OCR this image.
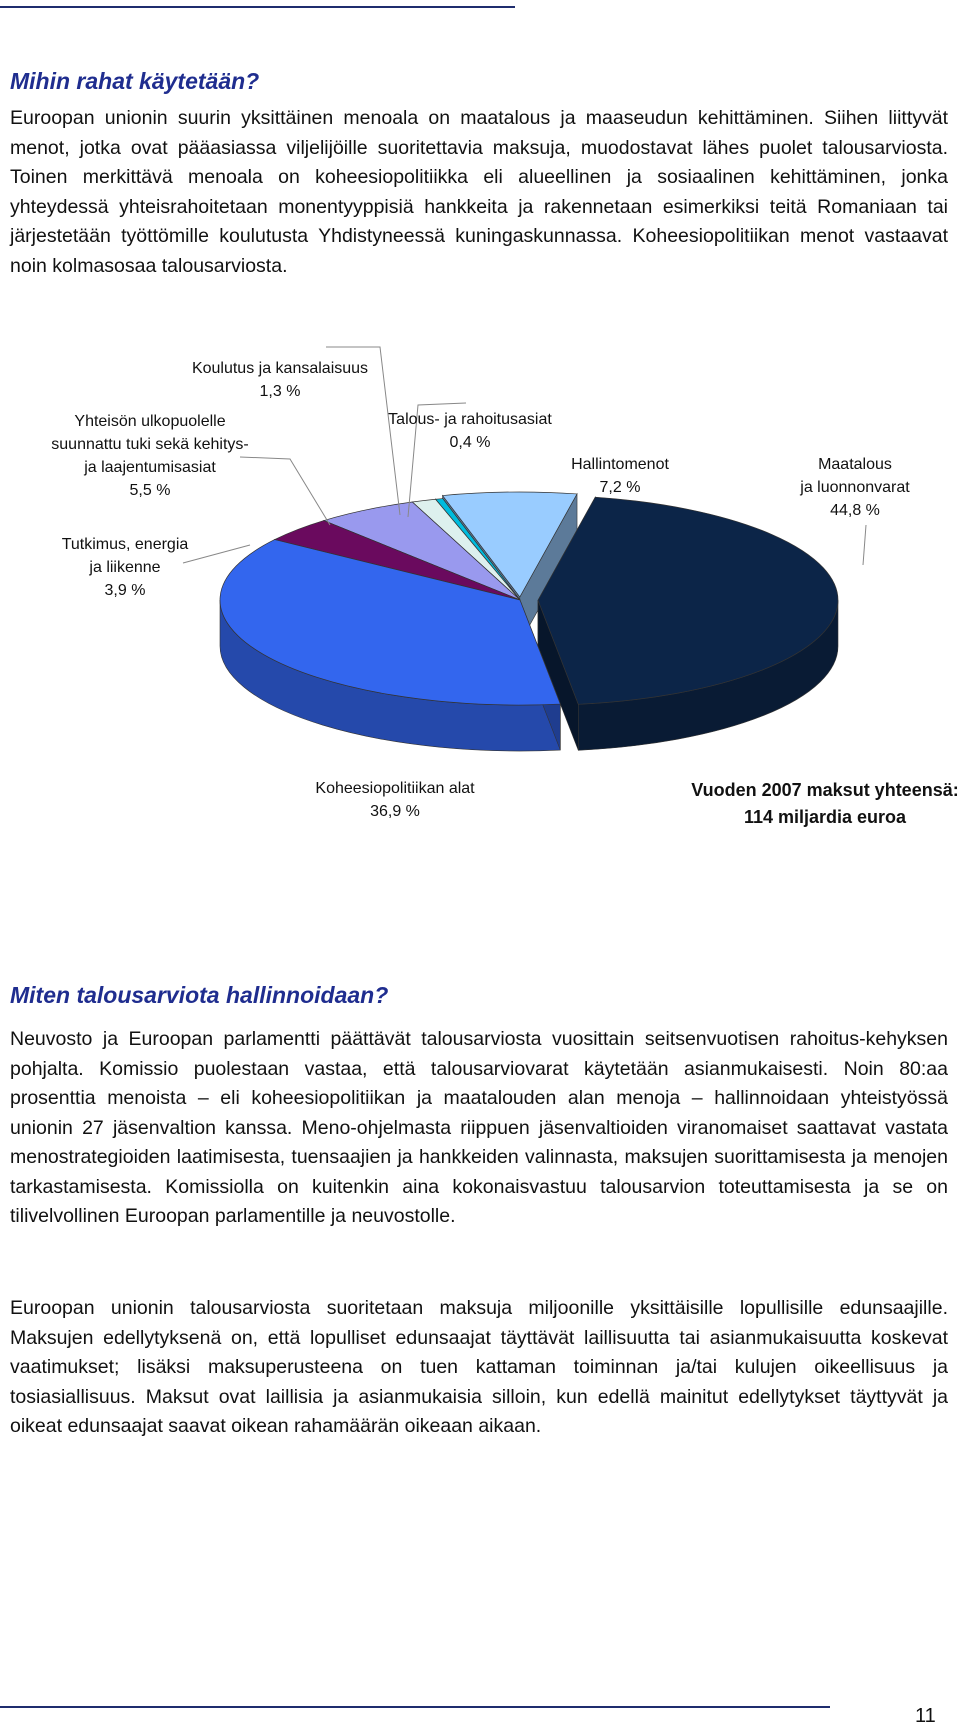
Mihin rahat käytetään?

Euroopan unionin suurin yksittäinen menoala on maatalous ja maaseudun kehittäminen. Siihen liittyvät menot, jotka ovat pääasiassa viljelijöille suoritettavia maksuja, muodostavat lähes puolet talousarviosta. Toinen merkittävä menoala on koheesiopolitiikka eli alueellinen ja sosiaalinen kehittäminen, jonka yhteydessä yhteisrahoitetaan monentyyppisiä hankkeita ja rakennetaan esimerkiksi teitä Romaniaan tai järjestetään työttömille koulutusta Yhdistyneessä kuningaskunnassa. Koheesiopolitiikan menot vastaavat noin kolmasosaa talousarviosta.

Koulutus ja kansalaisuus
1,3 %
Talous- ja rahoitusasiat
0,4 %
Yhteisön ulkopuolelle
suunnattu tuki sekä kehitys-
ja laajentumisasiat
5,5 %
Hallintomenot
7,2 %
Maatalous
ja luonnonvarat
44,8 %
Tutkimus, energia
ja liikenne
3,9 %
Koheesiopolitiikan alat
36,9 %
Vuoden 2007 maksut yhteensä:
114 miljardia euroa
Miten talousarviota hallinnoidaan?

Neuvosto ja Euroopan parlamentti päättävät talousarviosta vuosittain seitsenvuotisen rahoitus-kehyksen pohjalta. Komissio puolestaan vastaa, että talousarviovarat käytetään asianmukaisesti. Noin 80:aa prosenttia menoista – eli koheesiopolitiikan ja maatalouden alan menoja – hallinnoidaan yhteistyössä unionin 27 jäsenvaltion kanssa. Meno-ohjelmasta riippuen jäsenvaltioiden viranomaiset saattavat vastata menostrategioiden laatimisesta, tuensaajien ja hankkeiden valinnasta, maksujen suorittamisesta ja menojen tarkastamisesta. Komissiolla on kuitenkin aina kokonaisvastuu talousarvion toteuttamisesta ja se on tilivelvollinen Euroopan parlamentille ja neuvostolle.

Euroopan unionin talousarviosta suoritetaan maksuja miljoonille yksittäisille lopullisille edunsaajille. Maksujen edellytyksenä on, että lopulliset edunsaajat täyttävät laillisuutta tai asianmukaisuutta koskevat vaatimukset; lisäksi maksuperusteena on tuen kattaman toiminnan ja/tai kulujen oikeellisuus ja tosiasiallisuus. Maksut ovat laillisia ja asianmukaisia silloin, kun edellä mainitut edellytykset täyttyvät ja oikeat edunsaajat saavat oikean rahamäärän oikeaan aikaan.

11
